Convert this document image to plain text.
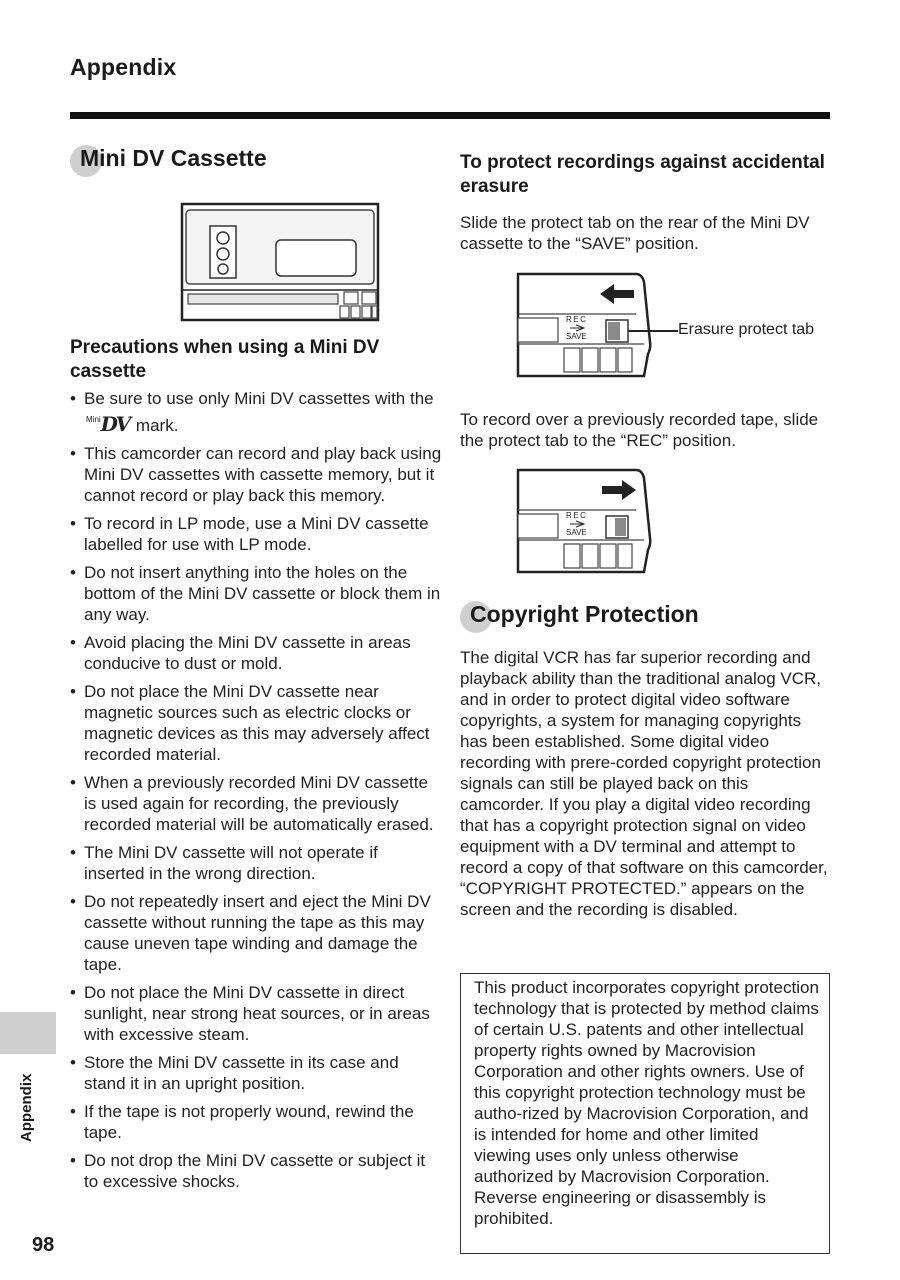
Appendix
Appendix
98
Mini DV Cassette
Precautions when using a Mini DV cassette
• Be sure to use only Mini DV cassettes with the $^{Mini}$DV mark.
• This camcorder can record and play back using Mini DV cassettes with cassette memory, but it cannot record or play back this memory.
• To record in LP mode, use a Mini DV cassette labelled for use with LP mode.
• Do not insert anything into the holes on the bottom of the Mini DV cassette or block them in any way.
• Avoid placing the Mini DV cassette in areas conducive to dust or mold.
• Do not place the Mini DV cassette near magnetic sources such as electric clocks or magnetic devices as this may adversely affect recorded material.
• When a previously recorded Mini DV cassette is used again for recording, the previously recorded material will be automatically erased.
• The Mini DV cassette will not operate if inserted in the wrong direction.
• Do not repeatedly insert and eject the Mini DV cassette without running the tape as this may cause uneven tape winding and damage the tape.
• Do not place the Mini DV cassette in direct sunlight, near strong heat sources, or in areas with excessive steam.
• Store the Mini DV cassette in its case and stand it in an upright position.
• If the tape is not properly wound, rewind the tape.
• Do not drop the Mini DV cassette or subject it to excessive shocks.
To protect recordings against accidental erasure
Slide the protect tab on the rear of the Mini DV cassette to the “SAVE” position.
REC
SAVE	Erasure protect tab
To record over a previously recorded tape, slide the protect tab to the “REC” position.
REC
SAVE
Copyright Protection
The digital VCR has far superior recording and playback ability than the traditional analog VCR, and in order to protect digital video software copyrights, a system for managing copyrights has been established. Some digital video recording with prere-corded copyright protection signals can still be played back on this camcorder. If you play a digital video recording that has a copyright protection signal on video equipment with a DV terminal and attempt to record a copy of that software on this camcorder, “COPYRIGHT PROTECTED.” appears on the screen and the recording is disabled.
This product incorporates copyright protection technology that is protected by method claims of certain U.S. patents and other intellectual property rights owned by Macrovision Corporation and other rights owners. Use of this copyright protection technology must be autho-rized by Macrovision Corporation, and is intended for home and other limited viewing uses only unless otherwise authorized by Macrovision Corporation. Reverse engineering or disassembly is prohibited.
